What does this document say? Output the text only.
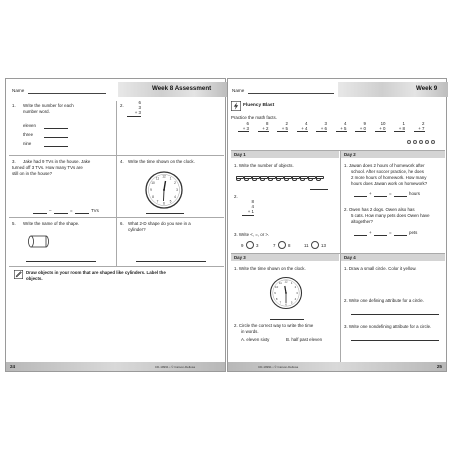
Name	Week 8 Assessment
1. Write the number for each
number word.
eleven
three
nine
2.
6
3
+ 3
3. Jake had 9 TVs in the house. Jake
turned off 3 TVs. How many TVs are
still on in the house?
–	=	TVs
4. Write the time shown on the clock.
12 1
2
3
4
5
6
7
8
9
10
11
5. Write the name of the shape.	6. What 2-D shape do you see in a
cylinder?
Draw objects in your room that are shaped like cylinders. Label the
objects.
24	CD-19991 • © Carson-Dellosa
Name	Week 9
Fluency Blast
Practice the math facts.
6
+ 3
8
+ 2
2
+ 5
4
+ 4
3
+ 6
4
+ 5
9
+ 0
10
+ 0
1
+ 8
2
+ 7
Day 1
1. Write the number of objects.
2.
8
4
+ 1
3. Write <, =, or >.
9	3	7	8	11	13
Day 2
1. Jawan does 2 hours of homework after
school. After soccer practice, he does
2 more hours of homework. How many
hours does Jawan work on homework?
+	=	hours
2. Owen has 2 dogs. Owen also has
5 cats. How many pets does Owen have
altogether?
+	=	pets
Day 3
1. Write the time shown on the clock.
12 1
2
3
4
5
6
7
8
9
10
11
2. Circle the correct way to write the time
in words.
A. eleven sixty	B. half past eleven
Day 4
1. Draw a small circle. Color it yellow.
2. Write one defining attribute for a circle.
3. Write one nondefining attribute for a circle.
CD-19991 • © Carson-Dellosa	25
